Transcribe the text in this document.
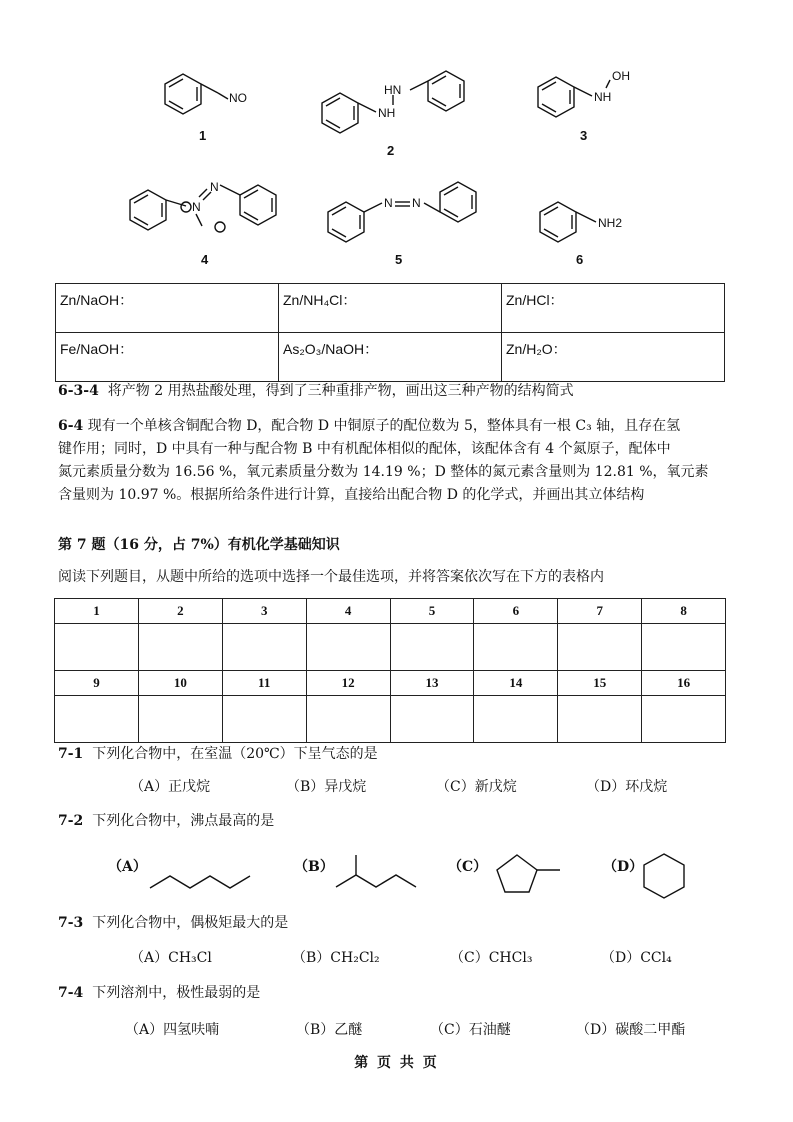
NO
1
HN
NH
2
OH
NH
3
N
N
4
N N
5
NH2
6
Zn/NaOH：	Zn/NH₄Cl：	Zn/HCl：
Fe/NaOH：	As₂O₃/NaOH：	Zn/H₂O：
6-3-4 将产物 2 用热盐酸处理，得到了三种重排产物，画出这三种产物的结构简式
6-4 现有一个单核含铜配合物 D，配合物 D 中铜原子的配位数为 5，整体具有一根 C₃ 轴，且存在氢
键作用；同时，D 中具有一种与配合物 B 中有机配体相似的配体，该配体含有 4 个氮原子，配体中
氮元素质量分数为 16.56 %，氧元素质量分数为 14.19 %；D 整体的氮元素含量则为 12.81 %，氧元素
含量则为 10.97 %。根据所给条件进行计算，直接给出配合物 D 的化学式，并画出其立体结构
第 7 题（16 分，占 7%）有机化学基础知识
阅读下列题目，从题中所给的选项中选择一个最佳选项，并将答案依次写在下方的表格内
1	2	3	4	5	6	7	8

9	10	11	12	13	14	15	16

7-1 下列化合物中，在室温（20℃）下呈气态的是
（A）正戊烷	（B）异戊烷	（C）新戊烷	（D）环戊烷
7-2 下列化合物中，沸点最高的是
（A）	（B）	（C）	（D）
7-3 下列化合物中，偶极矩最大的是
（A）CH₃Cl	（B）CH₂Cl₂	（C）CHCl₃	（D）CCl₄
7-4 下列溶剂中，极性最弱的是
（A）四氢呋喃	（B）乙醚	（C）石油醚	（D）碳酸二甲酯
第 页 共 页
